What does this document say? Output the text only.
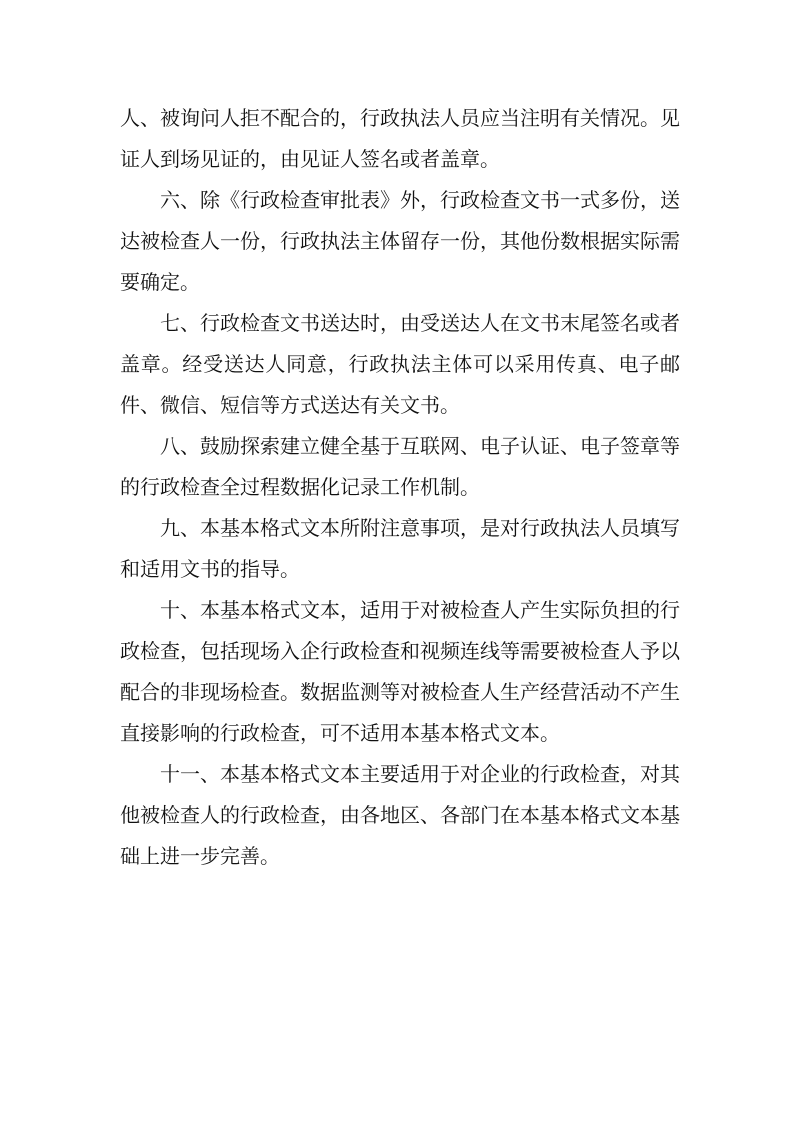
人、被询问人拒不配合的，行政执法人员应当注明有关情况。见证人到场见证的，由见证人签名或者盖章。

六、除《行政检查审批表》外，行政检查文书一式多份，送达被检查人一份，行政执法主体留存一份，其他份数根据实际需要确定。

七、行政检查文书送达时，由受送达人在文书末尾签名或者盖章。经受送达人同意，行政执法主体可以采用传真、电子邮件、微信、短信等方式送达有关文书。

八、鼓励探索建立健全基于互联网、电子认证、电子签章等的行政检查全过程数据化记录工作机制。

九、本基本格式文本所附注意事项，是对行政执法人员填写和适用文书的指导。

十、本基本格式文本，适用于对被检查人产生实际负担的行政检查，包括现场入企行政检查和视频连线等需要被检查人予以配合的非现场检查。数据监测等对被检查人生产经营活动不产生直接影响的行政检查，可不适用本基本格式文本。

十一、本基本格式文本主要适用于对企业的行政检查，对其他被检查人的行政检查，由各地区、各部门在本基本格式文本基础上进一步完善。
